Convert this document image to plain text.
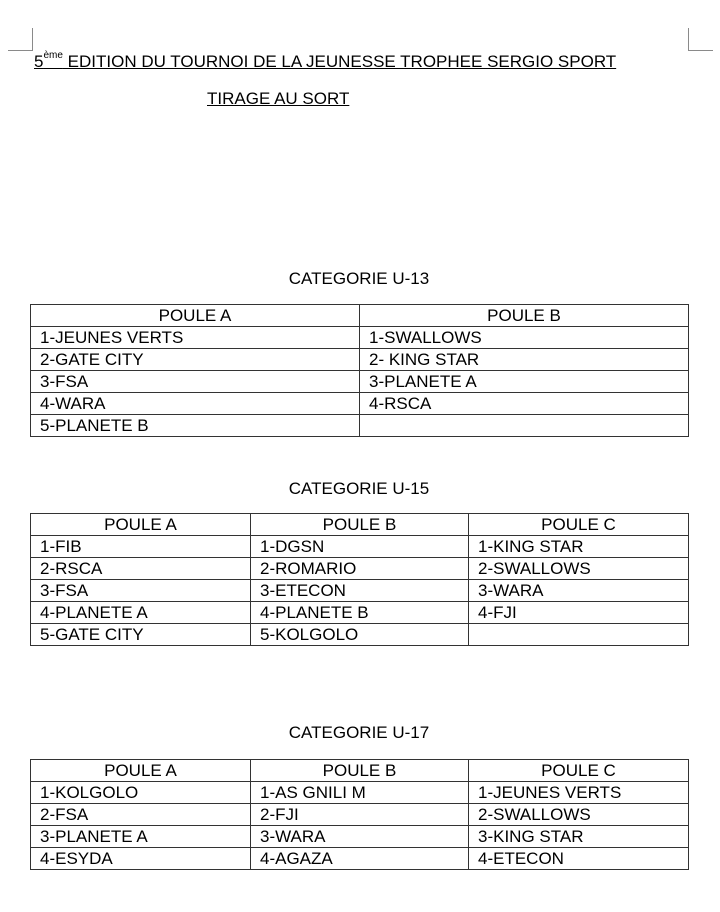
5ème EDITION DU TOURNOI DE LA JEUNESSE TROPHEE SERGIO SPORT
TIRAGE AU SORT
CATEGORIE U-13
POULE A	POULE B
1-JEUNES VERTS	1-SWALLOWS
2-GATE CITY	2- KING STAR
3-FSA	3-PLANETE A
4-WARA	4-RSCA
5-PLANETE B	
CATEGORIE U-15
POULE A	POULE B	POULE C
1-FIB	1-DGSN	1-KING STAR
2-RSCA	2-ROMARIO	2-SWALLOWS
3-FSA	3-ETECON	3-WARA
4-PLANETE A	4-PLANETE B	4-FJI
5-GATE CITY	5-KOLGOLO	
CATEGORIE U-17
POULE A	POULE B	POULE C
1-KOLGOLO	1-AS GNILI M	1-JEUNES VERTS
2-FSA	2-FJI	2-SWALLOWS
3-PLANETE A	3-WARA	3-KING STAR
4-ESYDA	4-AGAZA	4-ETECON
